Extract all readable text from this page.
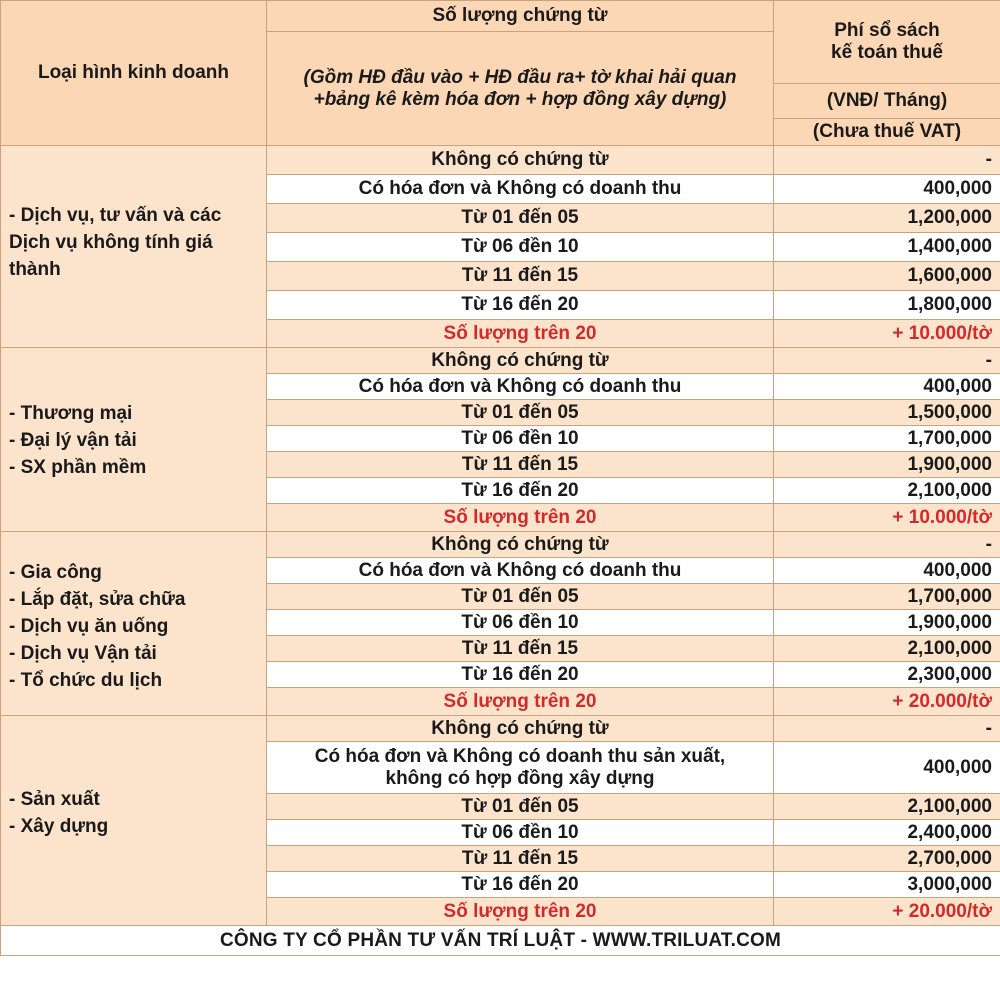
Loại hình kinh doanh	Số lượng chứng từ	Phí sổ sách
kế toán thuế
	(Gồm HĐ đầu vào + HĐ đầu ra+ tờ khai hải quan
+bảng kê kèm hóa đơn + hợp đồng xây dựng)	
		(VNĐ/ Tháng)
		(Chưa thuế VAT)

- Dịch vụ, tư vấn và các
Dịch vụ không tính giá
thành	Không có chứng từ	-
	Có hóa đơn và Không có doanh thu	400,000
	Từ 01 đến 05	1,200,000
	Từ 06 đền 10	1,400,000
	Từ 11 đến 15	1,600,000
	Từ 16 đến 20	1,800,000
	Số lượng trên 20	+ 10.000/tờ

- Thương mại
- Đại lý vận tải
- SX phần mềm	Không có chứng từ	-
	Có hóa đơn và Không có doanh thu	400,000
	Từ 01 đến 05	1,500,000
	Từ 06 đền 10	1,700,000
	Từ 11 đến 15	1,900,000
	Từ 16 đến 20	2,100,000
	Số lượng trên 20	+ 10.000/tờ

- Gia công
- Lắp đặt, sửa chữa
- Dịch vụ ăn uống
- Dịch vụ Vận tải
- Tổ chức du lịch	Không có chứng từ	-
	Có hóa đơn và Không có doanh thu	400,000
	Từ 01 đến 05	1,700,000
	Từ 06 đền 10	1,900,000
	Từ 11 đến 15	2,100,000
	Từ 16 đến 20	2,300,000
	Số lượng trên 20	+ 20.000/tờ

- Sản xuất
- Xây dựng	Không có chứng từ	-
	Có hóa đơn và Không có doanh thu sản xuất,
không có hợp đồng xây dựng	400,000
	Từ 01 đến 05	2,100,000
	Từ 06 đền 10	2,400,000
	Từ 11 đến 15	2,700,000
	Từ 16 đến 20	3,000,000
	Số lượng trên 20	+ 20.000/tờ
CÔNG TY CỔ PHẦN TƯ VẤN TRÍ LUẬT - WWW.TRILUAT.COM		
